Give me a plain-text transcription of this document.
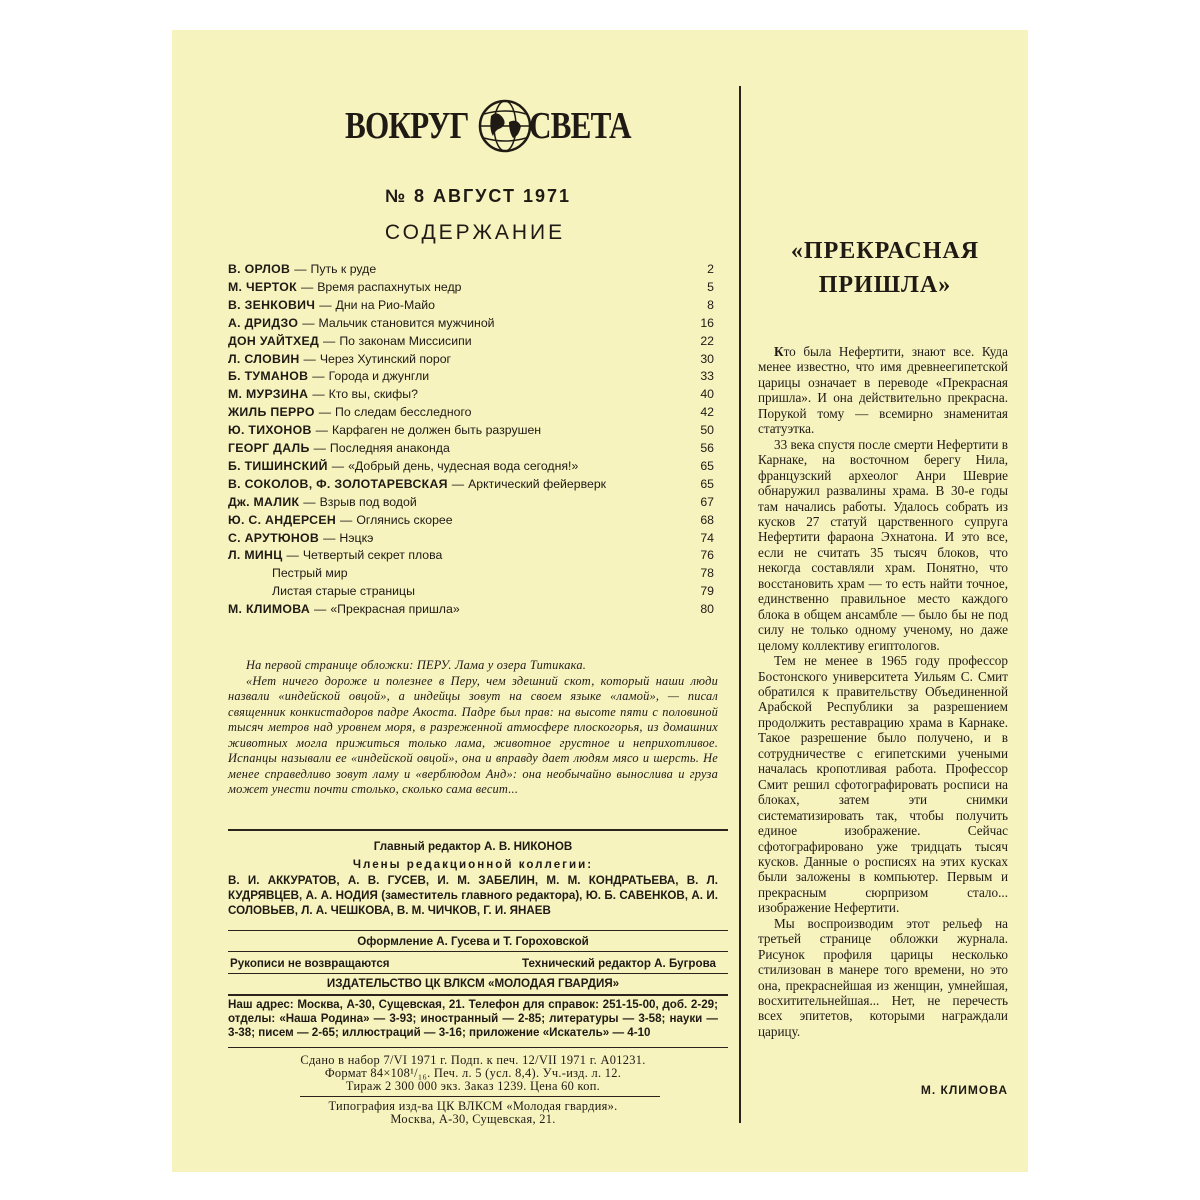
ВОКРУГ СВЕТА
№ 8 АВГУСТ 1971
СОДЕРЖАНИЕ
В. ОРЛОВ — Путь к руде	2
М. ЧЕРТОК — Время распахнутых недр	5
В. ЗЕНКОВИЧ — Дни на Рио-Майо	8
А. ДРИДЗО — Мальчик становится мужчиной	16
ДОН УАЙТХЕД — По законам Миссисипи	22
Л. СЛОВИН — Через Хутинский порог	30
Б. ТУМАНОВ — Города и джунгли	33
М. МУРЗИНА — Кто вы, скифы?	40
ЖИЛЬ ПЕРРО — По следам бесследного	42
Ю. ТИХОНОВ — Карфаген не должен быть разрушен	50
ГЕОРГ ДАЛЬ — Последняя анаконда	56
Б. ТИШИНСКИЙ — «Добрый день, чудесная вода сегодня!»	65
В. СОКОЛОВ, Ф. ЗОЛОТАРЕВСКАЯ — Арктический фейерверк	65
Дж. МАЛИК — Взрыв под водой	67
Ю. С. АНДЕРСЕН — Оглянись скорее	68
С. АРУТЮНОВ — Нэцкэ	74
Л. МИНЦ — Четвертый секрет плова	76
Пестрый мир	78
Листая старые страницы	79
М. КЛИМОВА — «Прекрасная пришла»	80

На первой странице обложки: ПЕРУ. Лама у озера Титикака.

«Нет ничего дороже и полезнее в Перу, чем здешний скот, который наши люди назвали «индейской овцой», а индейцы зовут на своем языке «ламой», — писал священник конкистадоров падре Акоста. Падре был прав: на высоте пяти с половиной тысяч метров над уровнем моря, в разреженной атмосфере плоскогорья, из домашних животных могла прижиться только лама, животное грустное и неприхотливое. Испанцы называли ее «индейской овцой», она и вправду дает людям мясо и шерсть. Не менее справедливо зовут ламу и «верблюдом Анд»: она необычайно вынослива и груза может унести почти столько, сколько сама весит...

Главный редактор А. В. НИКОНОВ
Члены редакционной коллегии:
В. И. АККУРАТОВ, А. В. ГУСЕВ, И. М. ЗАБЕЛИН, М. М. КОНДРАТЬЕВА, В. Л. КУДРЯВЦЕВ, А. А. НОДИЯ (заместитель главного редактора), Ю. Б. САВЕНКОВ, А. И. СОЛОВЬЕВ, Л. А. ЧЕШКОВА, В. М. ЧИЧКОВ, Г. И. ЯНАЕВ
Оформление А. Гусева и Т. Гороховской
Рукописи не возвращаются	Технический редактор А. Бугрова
ИЗДАТЕЛЬСТВО ЦК ВЛКСМ «МОЛОДАЯ ГВАРДИЯ»
Наш адрес: Москва, А-30, Сущевская, 21. Телефон для справок: 251-15-00, доб. 2-29; отделы: «Наша Родина» — 3-93; иностранный — 2-85; литературы — 3-58; науки — 3-38; писем — 2-65; иллюстраций — 3-16; приложение «Искатель» — 4-10
Сдано в набор 7/VI 1971 г. Подп. к печ. 12/VII 1971 г. А01231.
Формат 84×108¹/₁₆. Печ. л. 5 (усл. 8,4). Уч.-изд. л. 12.
Тираж 2 300 000 экз. Заказ 1239. Цена 60 коп.
Типография изд-ва ЦК ВЛКСМ «Молодая гвардия».
Москва, А-30, Сущевская, 21.
«ПРЕКРАСНАЯ
ПРИШЛА»

Кто была Нефертити, знают все. Куда менее известно, что имя древнеегипетской царицы означает в переводе «Прекрасная пришла». И она действительно прекрасна. Порукой тому — всемирно знаменитая статуэтка.

33 века спустя после смерти Нефертити в Карнаке, на восточном берегу Нила, французский археолог Анри Шеврие обнаружил развалины храма. В 30-е годы там начались работы. Удалось собрать из кусков 27 статуй царственного супруга Нефертити фараона Эхнатона. И это все, если не считать 35 тысяч блоков, что некогда составляли храм. Понятно, что восстановить храм — то есть найти точное, единственно правильное место каждого блока в общем ансамбле — было бы не под силу не только одному ученому, но даже целому коллективу египтологов.

Тем не менее в 1965 году профессор Бостонского университета Уильям С. Смит обратился к правительству Объединенной Арабской Республики за разрешением продолжить реставрацию храма в Карнаке. Такое разрешение было получено, и в сотрудничестве с египетскими учеными началась кропотливая работа. Профессор Смит решил сфотографировать росписи на блоках, затем эти снимки систематизировать так, чтобы получить единое изображение. Сейчас сфотографировано уже тридцать тысяч кусков. Данные о росписях на этих кусках были заложены в компьютер. Первым и прекрасным сюрпризом стало... изображение Нефертити.

Мы воспроизводим этот рельеф на третьей странице обложки журнала. Рисунок профиля царицы несколько стилизован в манере того времени, но это она, прекраснейшая из женщин, умнейшая, восхитительнейшая... Нет, не перечесть всех эпитетов, которыми награждали царицу.

М. КЛИМОВА
